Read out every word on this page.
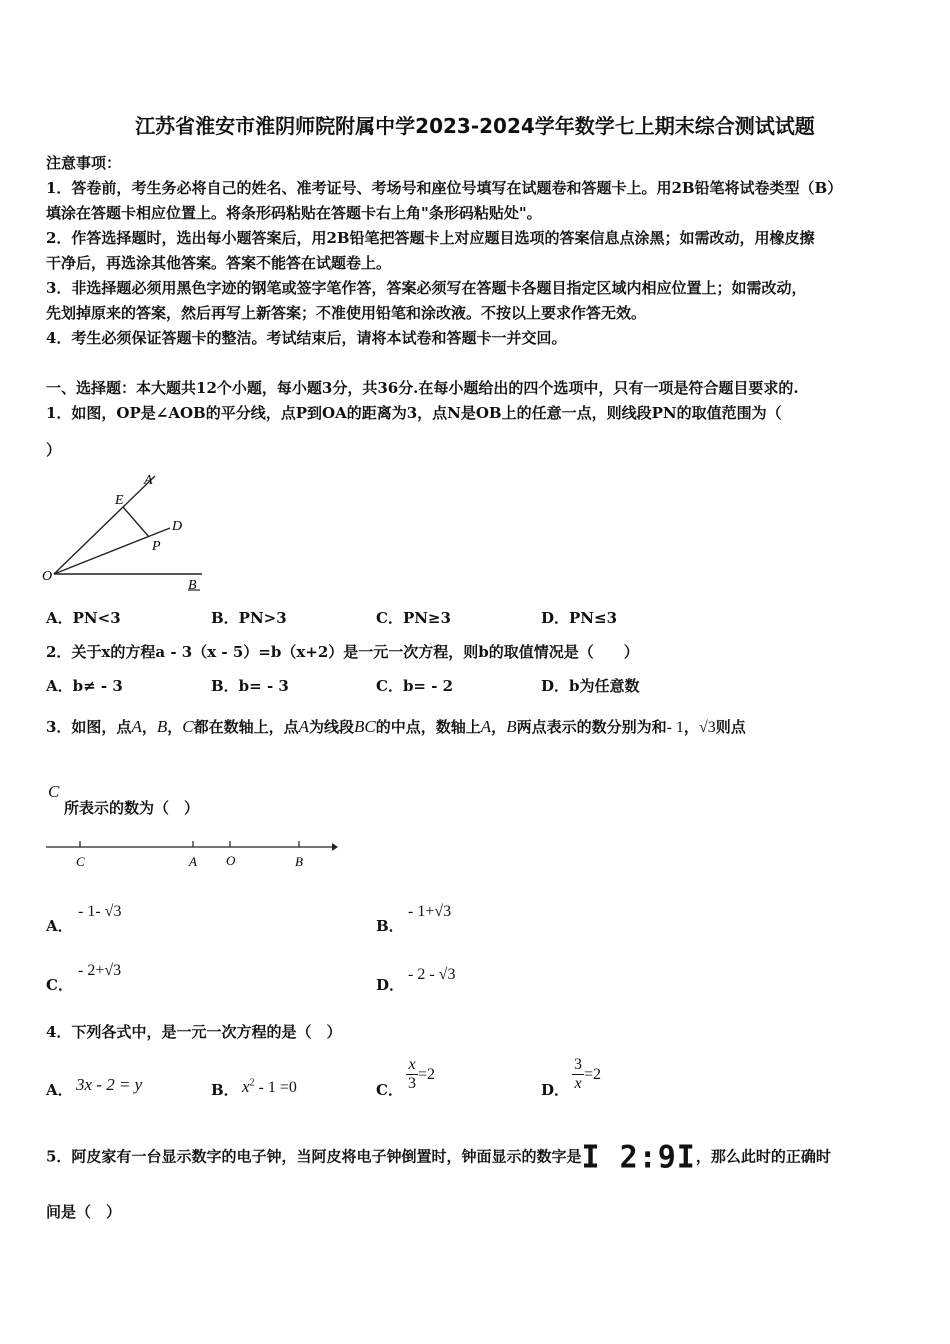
江苏省淮安市淮阴师院附属中学2023-2024学年数学七上期末综合测试试题
注意事项：
1．答卷前，考生务必将自己的姓名、准考证号、考场号和座位号填写在试题卷和答题卡上。用2B铅笔将试卷类型（B）
填涂在答题卡相应位置上。将条形码粘贴在答题卡右上角"条形码粘贴处"。
2．作答选择题时，选出每小题答案后，用2B铅笔把答题卡上对应题目选项的答案信息点涂黑；如需改动，用橡皮擦
干净后，再选涂其他答案。答案不能答在试题卷上。
3．非选择题必须用黑色字迹的钢笔或签字笔作答，答案必须写在答题卡各题目指定区域内相应位置上；如需改动，
先划掉原来的答案，然后再写上新答案；不准使用铅笔和涂改液。不按以上要求作答无效。
4．考生必须保证答题卡的整洁。考试结束后，请将本试卷和答题卡一并交回。
一、选择题：本大题共12个小题，每小题3分，共36分.在每小题给出的四个选项中，只有一项是符合题目要求的.
1．如图，OP是∠AOB的平分线，点P到OA的距离为3，点N是OB上的任意一点，则线段PN的取值范围为（
）
A
E
D
P
O
B
A．PN<3	B．PN>3	C．PN≥3	D．PN≤3
2．关于x的方程a - 3（x - 5）=b（x+2）是一元一次方程，则b的取值情况是（　　）
A．b≠ - 3	B．b= - 3	C．b= - 2	D．b为任意数
3．如图，点A，B，C都在数轴上，点A为线段BC的中点，数轴上A，B两点表示的数分别为和- 1，√3则点
C
所表示的数为（　）
C	A O	B
A．
- 1- √3
B．
- 1+√3
C．
- 2+√3
D．
- 2 - √3
4．下列各式中，是一元一次方程的是（　）
A． 3x - 2 = y	B． $x^2 - 1 =0$	C． $\frac{x}{3} =2$
D． $\frac{3}{x} =2$
5．阿皮家有一台显示数字的电子钟，当阿皮将电子钟倒置时，钟面显示的数字是I 2:9I，那么此时的正确时
间是（　）
